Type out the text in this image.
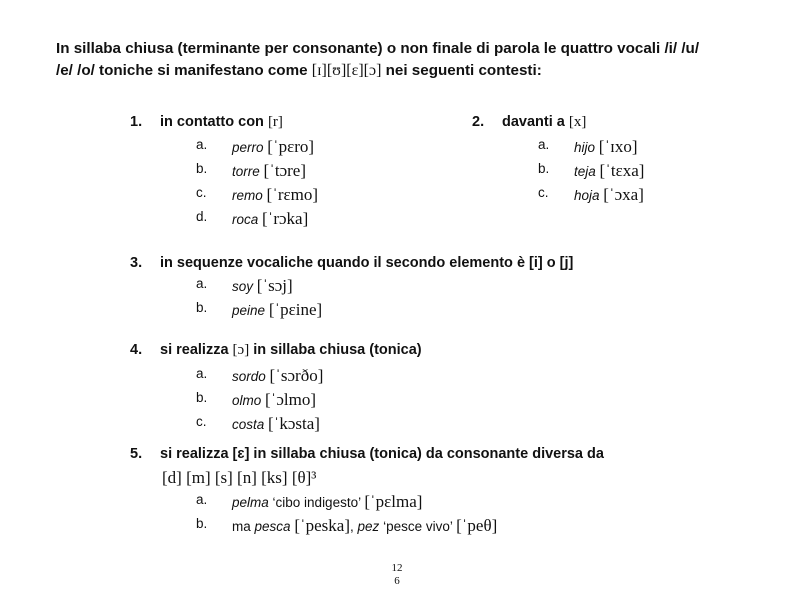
In sillaba chiusa (terminante per consonante) o non finale di parola le quattro vocali /i/ /u/
/e/ /o/ toniche si manifestano come [ɪ][ʊ][ɛ][ɔ] nei seguenti contesti:
1. in contatto con [r]
a. perro [ˈpɛro]
b. torre [ˈtɔre]
c. remo [ˈrɛmo]
d. roca [ˈrɔka]
2. davanti a [x]
a. hijo [ˈɪxo]
b. teja [ˈtɛxa]
c. hoja [ˈɔxa]
3. in sequenze vocaliche quando il secondo elemento è [i] o [j]
a. soy [ˈsɔj]
b. peine [ˈpɛine]
4. si realizza [ɔ] in sillaba chiusa (tonica)
a. sordo [ˈsɔrðo]
b. olmo [ˈɔlmo]
c. costa [ˈkɔsta]
5. si realizza [ɛ] in sillaba chiusa (tonica) da consonante diversa da
[d] [m] [s] [n] [ks] [θ]³
a. pelma ‘cibo indigesto’ [ˈpɛlma]
b. ma pesca [ˈpeska], pez ‘pesce vivo’ [ˈpeθ]
12
6
